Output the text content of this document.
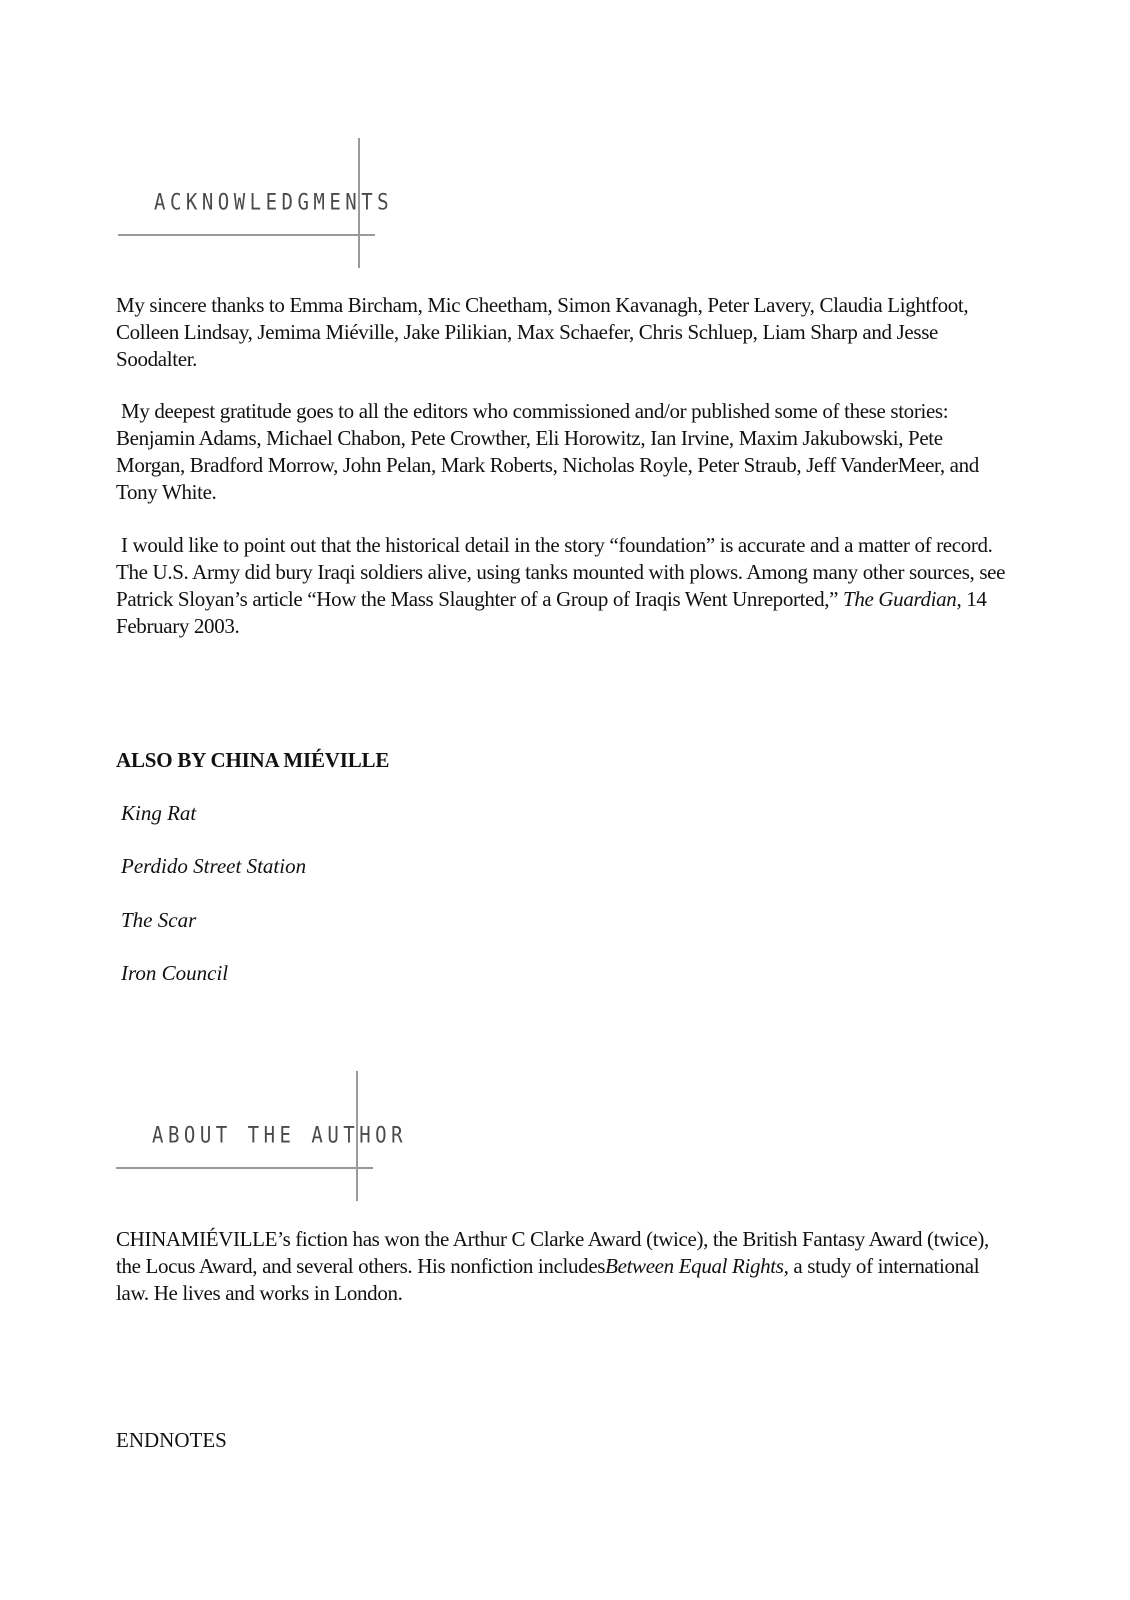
ACKNOWLEDGMENTS

My sincere thanks to Emma Bircham, Mic Cheetham, Simon Kavanagh, Peter Lavery, Claudia Lightfoot, Colleen Lindsay, Jemima Miéville, Jake Pilikian, Max Schaefer, Chris Schluep, Liam Sharp and Jesse Soodalter.

My deepest gratitude goes to all the editors who commissioned and/or published some of these stories: Benjamin Adams, Michael Chabon, Pete Crowther, Eli Horowitz, Ian Irvine, Maxim Jakubowski, Pete Morgan, Bradford Morrow, John Pelan, Mark Roberts, Nicholas Royle, Peter Straub, Jeff VanderMeer, and Tony White.

I would like to point out that the historical detail in the story “foundation” is accurate and a matter of record. The U.S. Army did bury Iraqi soldiers alive, using tanks mounted with plows. Among many other sources, see Patrick Sloyan’s article “How the Mass Slaughter of a Group of Iraqis Went Unreported,” The Guardian, 14 February 2003.

ALSO BY CHINA MIÉVILLE

King Rat

Perdido Street Station

The Scar

Iron Council

ABOUT THE AUTHOR

CHINAMIÉVILLE’s fiction has won the Arthur C Clarke Award (twice), the British Fantasy Award (twice), the Locus Award, and several others. His nonfiction includesBetween Equal Rights, a study of international law. He lives and works in London.

ENDNOTES
